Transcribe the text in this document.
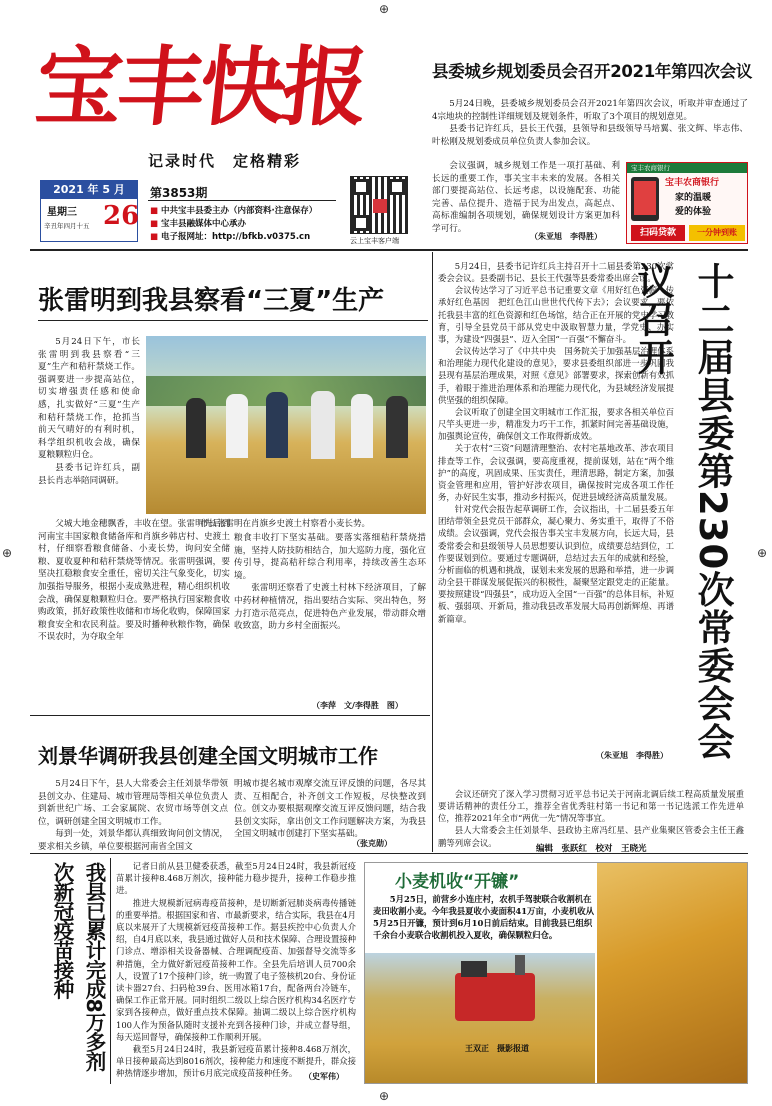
⊕
⊕
⊕	⊕
宝丰快报
记录时代　定格精彩
2021 年 5 月
星期三
辛丑年四月十五 26
第3853期
■ 中共宝丰县委主办（内部资料·注意保存）
■ 宝丰县融媒体中心承办
■ 电子报网址：http://bfkb.v0375.cn	云上宝丰客户端
县委城乡规划委员会召开2021年第四次会议

5月24日晚，县委城乡规划委员会召开2021年第四次会议，听取并审查通过了4宗地块的控制性详细规划及规划条件，听取了3个项目的规划意见。

县委书记许红兵，县长王代强，县领导和县级领导马培翼、张文辉、毕志伟、叶松刚及规划委成员单位负责人参加会议。

会议强调，城乡规划工作是一项打基础、利长远的重要工作，事关宝丰未来的发展。各相关部门要提高站位、长远考虑，以设施配套、功能完善、品位提升、造福于民为出发点，高起点、高标准编制各项规划，确保规划设计方案更加科学可行。

（朱亚旭　李得胜）
宝丰农商银行
宝丰农商银行
家的温暖
爱的体验
扫码贷款	一分钟到账
张雷明到我县察看“三夏”生产

5月24日下午，市长张雷明到我县察看“三夏”生产和秸秆禁烧工作。强调要进一步提高站位，切实增强责任感和使命感，扎实做好“三夏”生产和秸秆禁烧工作，抢抓当前天气晴好的有利时机，科学组织机收会战，确保夏粮颗粒归仓。

县委书记许红兵，副县长肖志举陪同调研。

市长张雷明在肖旗乡史渡土村察看小麦长势。

父城大地金穗飘香，丰收在望。张雷明先后到河南宝丰国家粮食储备库和肖旗乡韩店村、史渡土村，仔细察看粮食储备、小麦长势，询问安全储粮、夏收夏种和秸秆禁烧等情况。张雷明强调，要坚决扛稳粮食安全重任，密切关注气象变化，切实加强指导服务，根据小麦成熟进程，精心组织机收会战，确保夏粮颗粒归仓。要严格执行国家粮食收购政策，抓好政策性收储和市场化收购，保障国家粮食安全和农民利益。要及时播种秋粮作物，确保不误农时，为夺取全年

粮食丰收打下坚实基础。要落实落细秸秆禁烧措施，坚持人防技防相结合，加大巡防力度，强化宣传引导，提高秸秆综合利用率，持续改善生态环境。

张雷明还察看了史渡土村林下经济项目，了解中药材种植情况，指出要结合实际、突出特色，努力打造示范亮点，促进特色产业发展，带动群众增收致富，助力乡村全面振兴。

（李萍　文/李得胜　图）
刘景华调研我县创建全国文明城市工作

5月24日下午，县人大常委会主任刘景华带领县创文办、住建局、城市管理局等相关单位负责人到新世纪广场、工会家属院、农贸市场等创文点位，调研创建全国文明城市工作。

每到一处，刘景华都认真细致询问创文情况，要求相关乡镇，单位要根据河南省全国文

明城市提名城市观摩交流互评反馈的问题，各尽其责、互相配合，补齐创文工作短板，尽快整改到位。创文办要根据观摩交流互评反馈问题，结合我县创文实际，拿出创文工作问题解决方案，为我县全国文明城市创建打下坚实基础。

（张克勋）

5月24日，县委书记许红兵主持召开十二届县委第230次常委会会议。县委副书记、县长王代强等县委常委出席会议。

会议传达学习了习近平总书记重要文章《用好红色资源　传承好红色基因　把红色江山世世代代传下去》；会议要求，要依托我县丰富的红色资源和红色场馆，结合正在开展的党史学习教育，引导全县党员干部从党史中汲取智慧力量，学党史、办实事，为建设“四强县”、迈入全国“一百强”不懈奋斗。

会议传达学习了《中共中央　国务院关于加强基层治理体系和治理能力现代化建设的意见》，要求县委组织部进一步巩固我县现有基层治理成果，对照《意见》部署要求，探索创新有效抓手，着眼于推进治理体系和治理能力现代化，为县域经济发展提供坚强的组织保障。

会议听取了创建全国文明城市工作汇报，要求各相关单位百尺竿头更进一步，精准发力巧干工作，抓紧时间完善基础设施，加强舆论宣传，确保创文工作取得新成效。

关于农村“三资”问题清理整治、农村宅基地改革、涉农项目排查等工作，会议强调，要高度重视，提前谋划，站在“两个维护”的高度，巩固成果、压实责任，理清思路，制定方案，加强资金管理和应用，管护好涉农项目，确保按时完成各项工作任务，办好民生实事，推动乡村振兴，促进县域经济高质量发展。

针对党代会报告起草调研工作，会议指出，十二届县委五年团结带领全县党员干部群众，凝心聚力、务实重干，取得了不俗成绩。会议强调，党代会报告事关宝丰发展方向，长远大局，县委常委会和县级领导人员思想要认识到位，成绩要总结到位，工作要谋划到位。要通过专题调研，总结过去五年的成就和经验，分析面临的机遇和挑战，谋划未来发展的思路和举措，进一步调动全县干群谋发展促振兴的积极性，凝聚坚定跟党走的正能量。要按照建设“四强县”，成功迈入全国“一百强”的总体目标，补短板、强弱项、开新局，推动我县改革发展大局再创新辉煌、再谱新篇章。

会议还研究了深入学习贯彻习近平总书记关于河南北调后续工程高质量发展重要讲话精神的责任分工，推荐全省优秀驻村第一书记和第一书记选派工作先进单位，推荐2021年全市“两优一先”情况等事宜。

县人大常委会主任刘景华、县政协主席冯红星、县产业集聚区管委会主任王鑫鹏等列席会议。

（朱亚旭　李得胜）
编辑　张跃红　校对　王晓光
十二届县委第230次常委会会议召开
我县已累计完成8万多剂次新冠疫苗接种	记者日前从县卫健委获悉，截至5月24日24时，我县新冠疫苗累计接种8.468万剂次，接种能力稳步提升，接种工作稳步推进。

推进大规模新冠病毒疫苗接种，是切断新冠肺炎病毒传播链的重要举措。根据国家和省、市最新要求，结合实际，我县在4月底以来展开了大规模新冠疫苗接种工作。据县疾控中心负责人介绍，自4月底以来，我县通过做好人员和技术保障、合理设置接种门诊点、增添相关设备器械、合理调配疫苗、加强督导交流等多种措施，全力做好新冠疫苗接种工作。全县先后培训人员700余人，设置了17个接种门诊，统一购置了电子签核机20台、身份证读卡器27台、扫码枪39台、医用冰箱17台，配备两台冷链车，确保工作正常开展。同时组织二级以上综合医疗机构34名医疗专家到各接种点，做好重点技术保障。抽调二级以上综合医疗机构100人作为预备队随时支援补充到各接种门诊，并成立督导组，每天巡回督导，确保接种工作顺利开展。

截至5月24日24时，我县新冠疫苗累计接种8.468万剂次，单日接种最高达到8016剂次，接种能力和速度不断提升，群众接种热情逐步增加，预计6月底完成疫苗接种任务。 （史军伟）
小麦机收“开镰”
5月25日，前营乡小连庄村，农机手驾驶联合收割机在麦田收割小麦。今年我县夏收小麦面积41万亩，小麦机收从5月25日开镰，预计到6月10日前后结束。目前我县已组织千余台小麦联合收割机投入夏收，确保颗粒归仓。
王双正　摄影报道
